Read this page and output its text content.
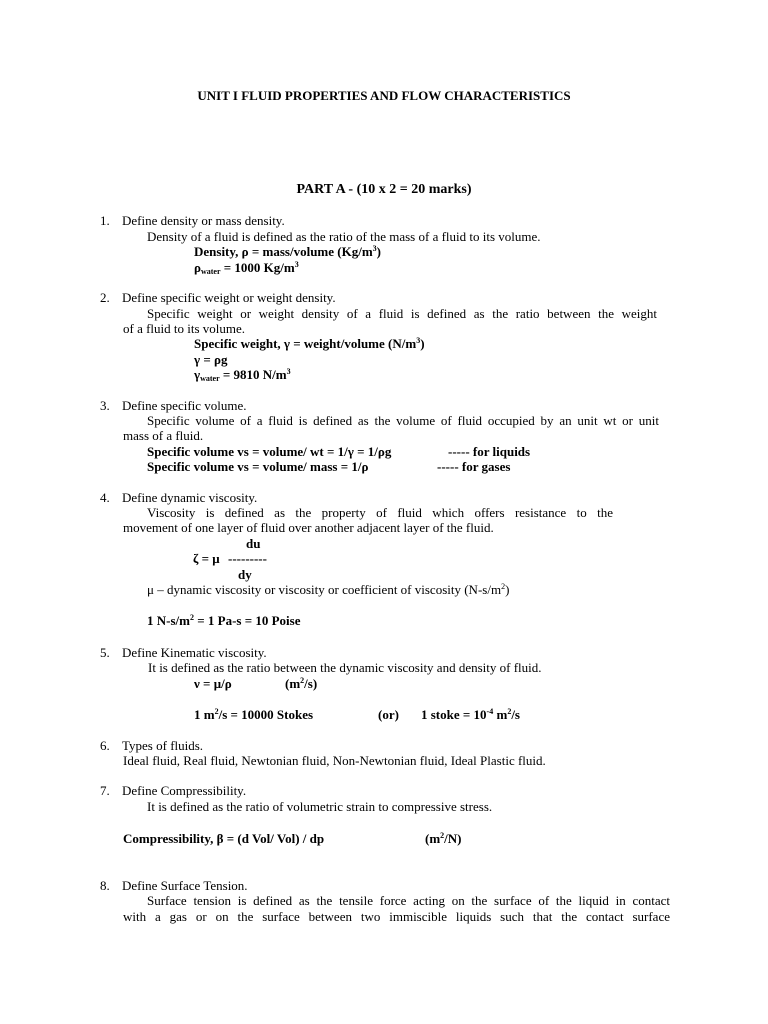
UNIT I FLUID PROPERTIES AND FLOW CHARACTERISTICS
PART A - (10 x 2 = 20 marks)
1. Define density or mass density.
Density of a fluid is defined as the ratio of the mass of a fluid to its volume.
Density, ρ = mass/volume $(Kg/m^3)$
$\rho_{water} = 1000$ $Kg/m^3$
2. Define specific weight or weight density.
Specific weight or weight density of a fluid is defined as the ratio between the weight
of a fluid to its volume.
Specific weight, γ = weight/volume $(N/m^3)$
γ = ρg
$\gamma_{water} = 9810$ $N/m^3$
3. Define specific volume.
Specific volume of a fluid is defined as the volume of fluid occupied by an unit wt or unit
mass of a fluid.
Specific volume vs = volume/ wt = 1/γ = 1/ρg	----- for liquids
Specific volume vs = volume/ mass = 1/ρ	----- for gases
4. Define dynamic viscosity.
Viscosity is defined as the property of fluid which offers resistance to the
movement of one layer of fluid over another adjacent layer of the fluid.
du
ζ = μ ---------
dy
μ – dynamic viscosity or viscosity or coefficient of viscosity $(N-s/m^2)$
1 $N-s/m^2 = 1$ Pa-s = 10 Poise
5. Define Kinematic viscosity.
It is defined as the ratio between the dynamic viscosity and density of fluid.
ν = μ/ρ	$(m^2/s)$
1 $m^2/s = 10000$ Stokes	(or) 1 stoke = $10^{-4}$ $m^2/s$
6. Types of fluids.
Ideal fluid, Real fluid, Newtonian fluid, Non-Newtonian fluid, Ideal Plastic fluid.
7. Define Compressibility.
It is defined as the ratio of volumetric strain to compressive stress.
Compressibility, β = (d Vol/ Vol) / dp	$(m^2/N)$
8. Define Surface Tension.
Surface tension is defined as the tensile force acting on the surface of the liquid in contact
with a gas or on the surface between two immiscible liquids such that the contact surface
